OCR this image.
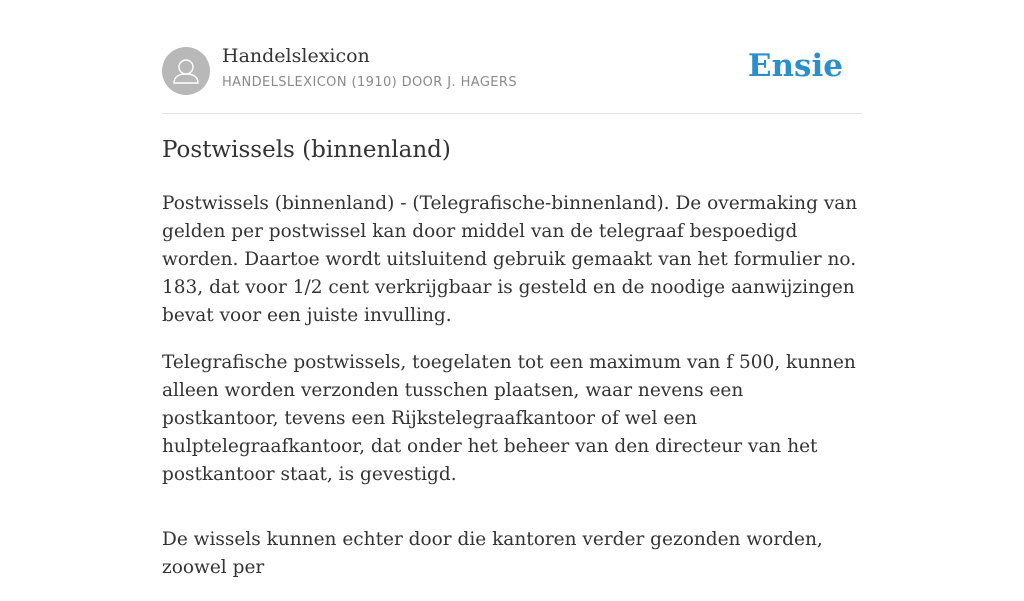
Handelslexicon
HANDELSLEXICON (1910) DOOR J. HAGERS	Ensie
Postwissels (binnenland)

Postwissels (binnenland) - (Telegrafische-binnenland). De overmaking van gelden per postwissel kan door middel van de telegraaf bespoedigd worden. Daartoe wordt uitsluitend gebruik gemaakt van het formulier no. 183, dat voor 1/2 cent verkrijgbaar is gesteld en de noodige aanwijzingen bevat voor een juiste invulling.

Telegrafische postwissels, toegelaten tot een maximum van f 500, kunnen alleen worden verzonden tusschen plaatsen, waar nevens een postkantoor, tevens een Rijkstelegraafkantoor of wel een hulptelegraafkantoor, dat onder het beheer van den directeur van het postkantoor staat, is gevestigd.

De wissels kunnen echter door die kantoren verder gezonden worden, zoowel per
